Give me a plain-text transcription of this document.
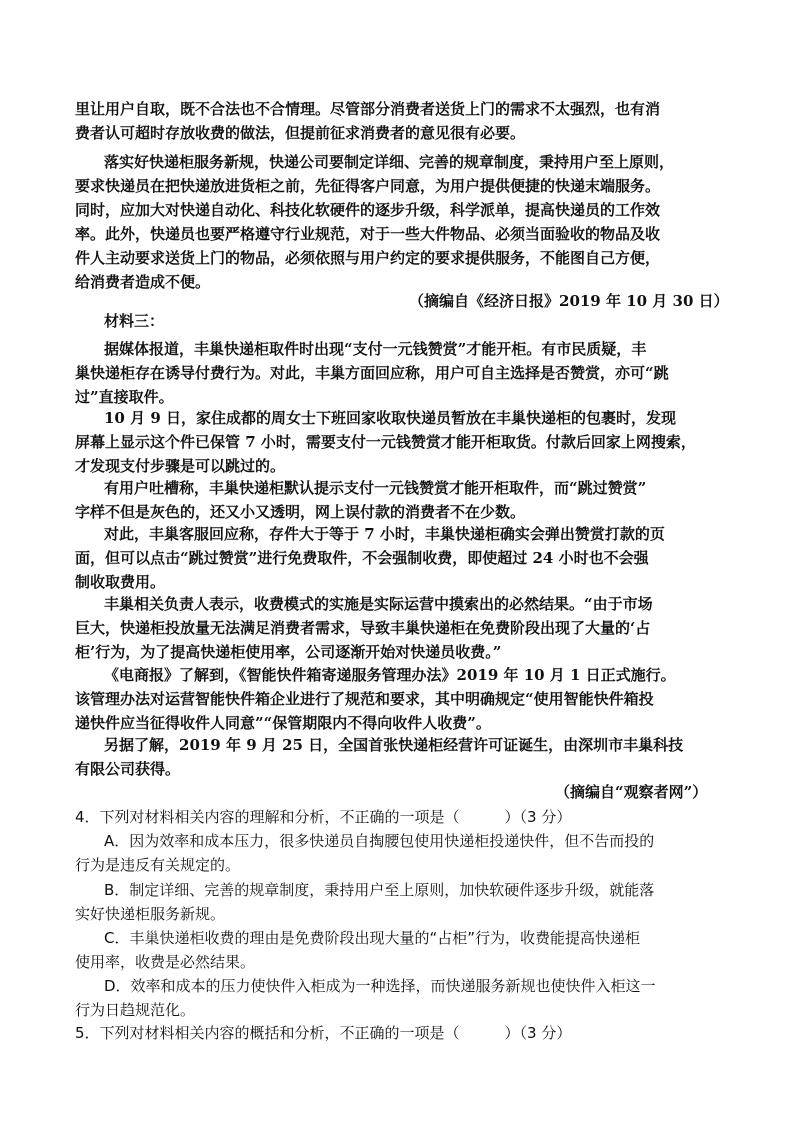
里让用户自取，既不合法也不合情理。尽管部分消费者送货上门的需求不太强烈，也有消
费者认可超时存放收费的做法，但提前征求消费者的意见很有必要。
落实好快递柜服务新规，快递公司要制定详细、完善的规章制度，秉持用户至上原则，
要求快递员在把快递放进货柜之前，先征得客户同意，为用户提供便捷的快递末端服务。
同时，应加大对快递自动化、科技化软硬件的逐步升级，科学派单，提高快递员的工作效
率。此外，快递员也要严格遵守行业规范，对于一些大件物品、必须当面验收的物品及收
件人主动要求送货上门的物品，必须依照与用户约定的要求提供服务，不能图自己方便，
给消费者造成不便。
（摘编自《经济日报》2019 年 10 月 30 日）
材料三：
据媒体报道，丰巢快递柜取件时出现“支付一元钱赞赏”才能开柜。有市民质疑，丰
巢快递柜存在诱导付费行为。对此，丰巢方面回应称，用户可自主选择是否赞赏，亦可“跳
过”直接取件。
10 月 9 日，家住成都的周女士下班回家收取快递员暂放在丰巢快递柜的包裹时，发现
屏幕上显示这个件已保管 7 小时，需要支付一元钱赞赏才能开柜取货。付款后回家上网搜索，
才发现支付步骤是可以跳过的。
有用户吐槽称，丰巢快递柜默认提示支付一元钱赞赏才能开柜取件，而“跳过赞赏”
字样不但是灰色的，还又小又透明，网上误付款的消费者不在少数。
对此，丰巢客服回应称，存件大于等于 7 小时，丰巢快递柜确实会弹出赞赏打款的页
面，但可以点击“跳过赞赏”进行免费取件，不会强制收费，即使超过 24 小时也不会强
制收取费用。
丰巢相关负责人表示，收费模式的实施是实际运营中摸索出的必然结果。“由于市场
巨大，快递柜投放量无法满足消费者需求，导致丰巢快递柜在免费阶段出现了大量的‘占
柜’行为，为了提高快递柜使用率，公司逐渐开始对快递员收费。”
《电商报》了解到，《智能快件箱寄递服务管理办法》2019 年 10 月 1 日正式施行。
该管理办法对运营智能快件箱企业进行了规范和要求，其中明确规定“使用智能快件箱投
递快件应当征得收件人同意”“保管期限内不得向收件人收费”。
另据了解，2019 年 9 月 25 日，全国首张快递柜经营许可证诞生，由深圳市丰巢科技
有限公司获得。
（摘编自“观察者网”）
4．下列对材料相关内容的理解和分析，不正确的一项是（　　　）（3 分）
A．因为效率和成本压力，很多快递员自掏腰包使用快递柜投递快件，但不告而投的
行为是违反有关规定的。
B．制定详细、完善的规章制度，秉持用户至上原则，加快软硬件逐步升级，就能落
实好快递柜服务新规。
C．丰巢快递柜收费的理由是免费阶段出现大量的“占柜”行为，收费能提高快递柜
使用率，收费是必然结果。
D．效率和成本的压力使快件入柜成为一种选择，而快递服务新规也使快件入柜这一
行为日趋规范化。
5．下列对材料相关内容的概括和分析，不正确的一项是（　　　）（3 分）
